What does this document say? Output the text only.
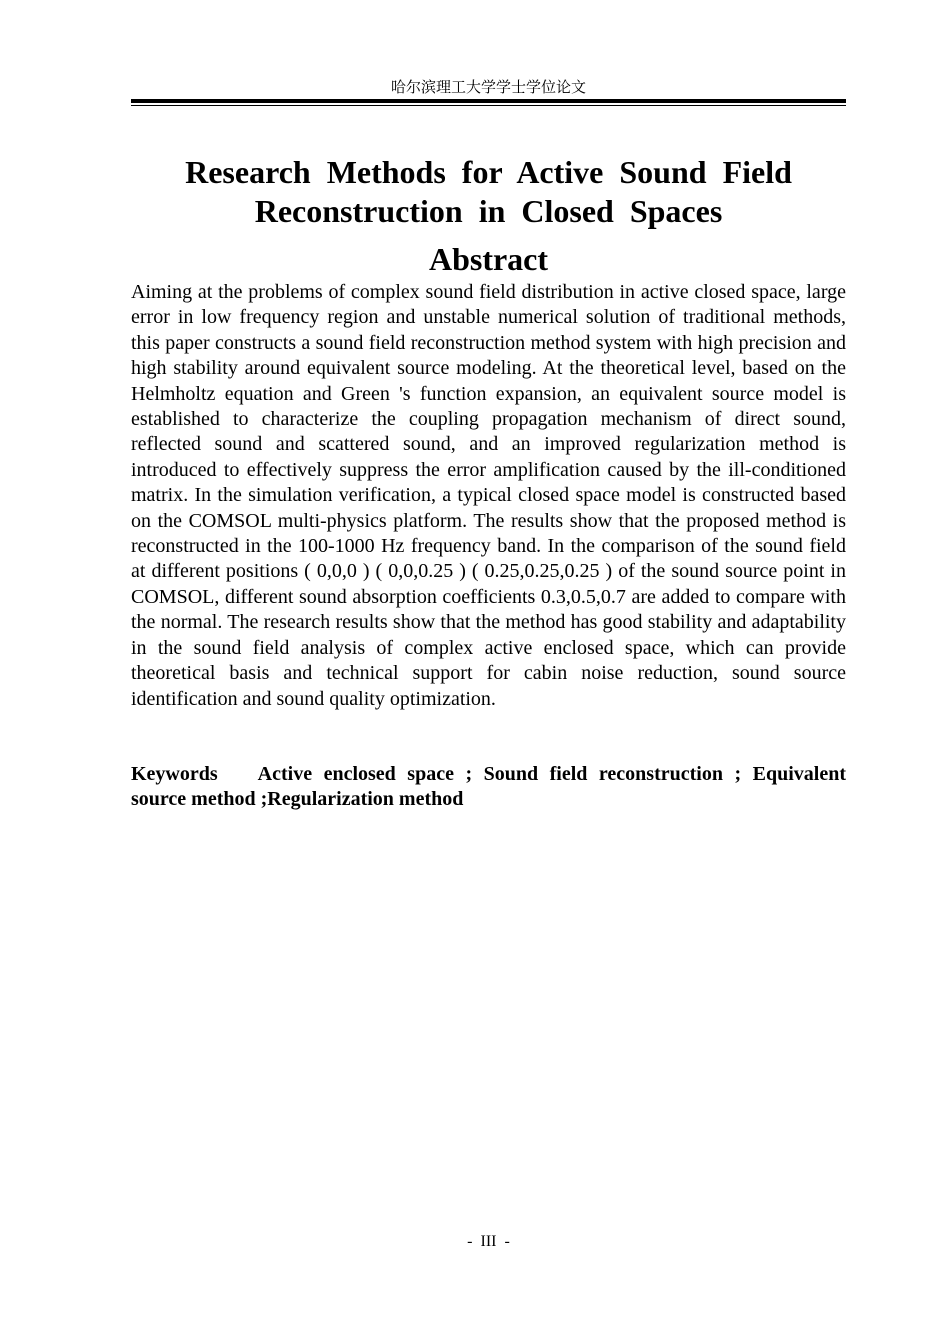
哈尔滨理工大学学士学位论文
Research Methods for Active Sound Field
Reconstruction in Closed Spaces
Abstract

Aiming at the problems of complex sound field distribution in active closed space, large error in low frequency region and unstable numerical solution of traditional methods, this paper constructs a sound field reconstruction method system with high precision and high stability around equivalent source modeling. At the theoretical level, based on the Helmholtz equation and Green 's function expansion, an equivalent source model is established to characterize the coupling propagation mechanism of direct sound, reflected sound and scattered sound, and an improved regularization method is introduced to effectively suppress the error amplification caused by the ill-conditioned matrix. In the simulation verification, a typical closed space model is constructed based on the COMSOL multi-physics platform. The results show that the proposed method is reconstructed in the 100-1000 Hz frequency band. In the comparison of the sound field at different positions ( 0,0,0 ) ( 0,0,0.25 ) ( 0.25,0.25,0.25 ) of the sound source point in COMSOL, different sound absorption coefficients 0.3,0.5,0.7 are added to compare with the normal. The research results show that the method has good stability and adaptability in the sound field analysis of complex active enclosed space, which can provide theoretical basis and technical support for cabin noise reduction, sound source identification and sound quality optimization.

Keywords Active enclosed space ; Sound field reconstruction ; Equivalent source method ;Regularization method

- III -
